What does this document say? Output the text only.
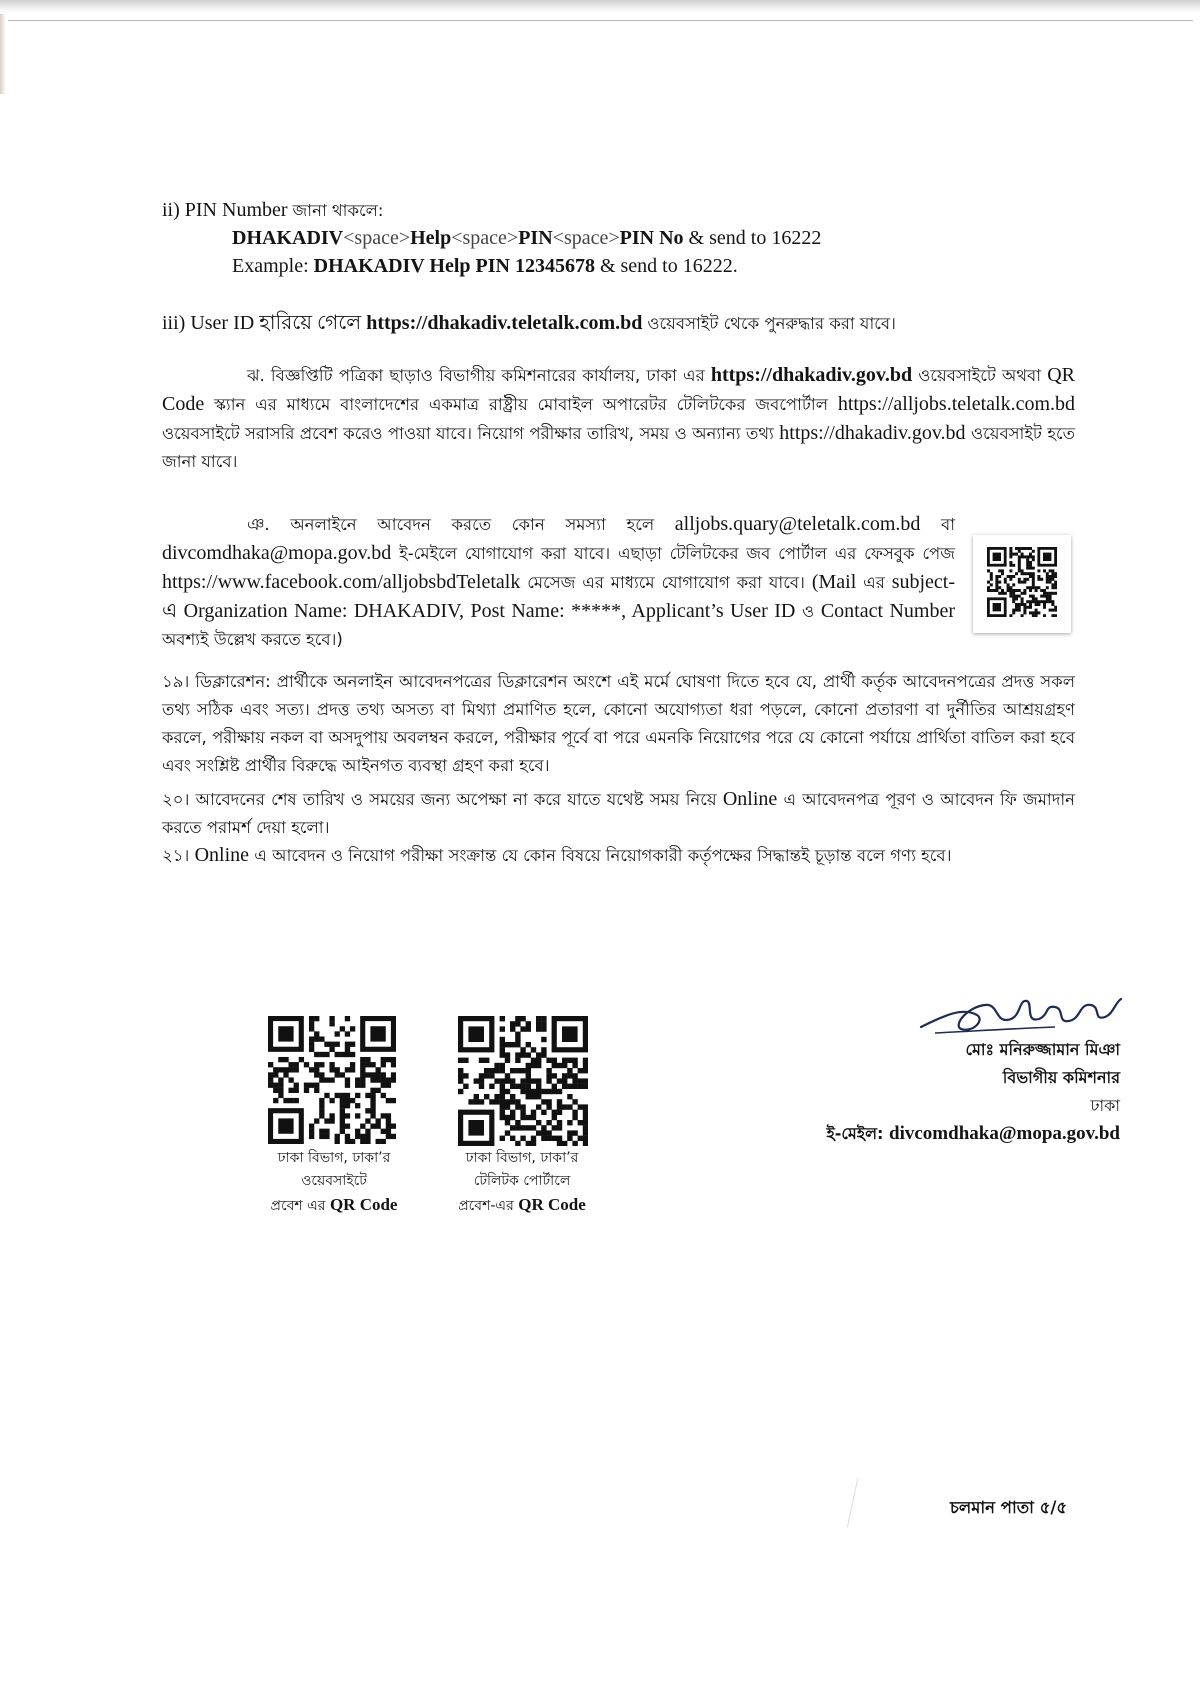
ii) PIN Number জানা থাকলে:
DHAKADIV<space>Help<space>PIN<space>PIN No & send to 16222
Example: DHAKADIV Help PIN 12345678 & send to 16222.
iii) User ID হারিয়ে গেলে https://dhakadiv.teletalk.com.bd ওয়েবসাইট থেকে পুনরুদ্ধার করা যাবে।
ঝ. বিজ্ঞপ্তিটি পত্রিকা ছাড়াও বিভাগীয় কমিশনারের কার্যালয়, ঢাকা এর https://dhakadiv.gov.bd ওয়েবসাইটে অথবা QR Code স্ক্যান এর মাধ্যমে বাংলাদেশের একমাত্র রাষ্ট্রীয় মোবাইল অপারেটর টেলিটকের জবপোর্টাল https://alljobs.teletalk.com.bd ওয়েবসাইটে সরাসরি প্রবেশ করেও পাওয়া যাবে। নিয়োগ পরীক্ষার তারিখ, সময় ও অন্যান্য তথ্য https://dhakadiv.gov.bd ওয়েবসাইট হতে জানা যাবে।
ঞ. অনলাইনে আবেদন করতে কোন সমস্যা হলে alljobs.quary@teletalk.com.bd বা divcomdhaka@mopa.gov.bd ই-মেইলে যোগাযোগ করা যাবে। এছাড়া টেলিটকের জব পোর্টাল এর ফেসবুক পেজ https://www.facebook.com/alljobsbdTeletalk মেসেজ এর মাধ্যমে যোগাযোগ করা যাবে। (Mail এর subject-এ Organization Name: DHAKADIV, Post Name: *****, Applicant’s User ID ও Contact Number অবশ্যই উল্লেখ করতে হবে।)
১৯। ডিক্লারেশন: প্রার্থীকে অনলাইন আবেদনপত্রের ডিক্লারেশন অংশে এই মর্মে ঘোষণা দিতে হবে যে, প্রার্থী কর্তৃক আবেদনপত্রের প্রদত্ত সকল তথ্য সঠিক এবং সত্য। প্রদত্ত তথ্য অসত্য বা মিথ্যা প্রমাণিত হলে, কোনো অযোগ্যতা ধরা পড়লে, কোনো প্রতারণা বা দুর্নীতির আশ্রয়গ্রহণ করলে, পরীক্ষায় নকল বা অসদুপায় অবলম্বন করলে, পরীক্ষার পূর্বে বা পরে এমনকি নিয়োগের পরে যে কোনো পর্যায়ে প্রার্থিতা বাতিল করা হবে এবং সংশ্লিষ্ট প্রার্থীর বিরুদ্ধে আইনগত ব্যবস্থা গ্রহণ করা হবে।
২০। আবেদনের শেষ তারিখ ও সময়ের জন্য অপেক্ষা না করে যাতে যথেষ্ট সময় নিয়ে Online এ আবেদনপত্র পূরণ ও আবেদন ফি জমাদান করতে পরামর্শ দেয়া হলো।
২১। Online এ আবেদন ও নিয়োগ পরীক্ষা সংক্রান্ত যে কোন বিষয়ে নিয়োগকারী কর্তৃপক্ষের সিদ্ধান্তই চূড়ান্ত বলে গণ্য হবে।
ঢাকা বিভাগ, ঢাকা’র
ওয়েবসাইটে
প্রবেশ এর QR Code
ঢাকা বিভাগ, ঢাকা’র
টেলিটক পোর্টালে
প্রবেশ-এর QR Code
মোঃ মনিরুজ্জামান মিঞা
বিভাগীয় কমিশনার
ঢাকা
ই-মেইল: divcomdhaka@mopa.gov.bd
চলমান পাতা ৫/৫
